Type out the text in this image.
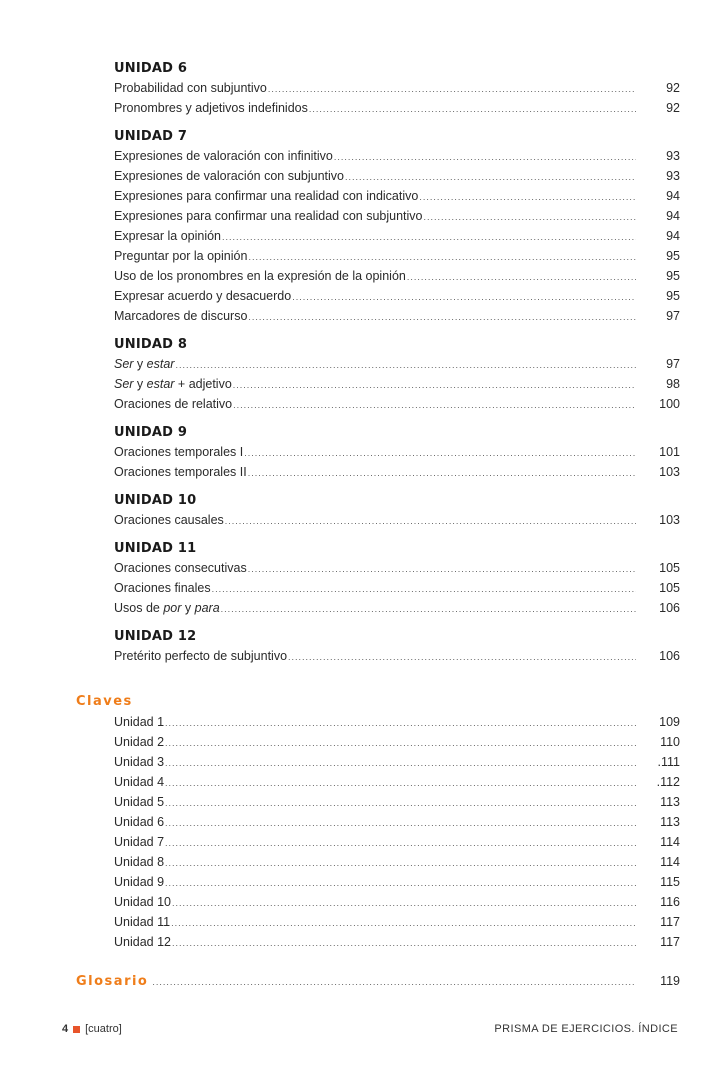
UNIDAD 6
Probabilidad con subjuntivo .....	92
Pronombres y adjetivos indefinidos .....	92
UNIDAD 7
Expresiones de valoración con infinitivo .....	93
Expresiones de valoración con subjuntivo .....	93
Expresiones para confirmar una realidad con indicativo .....	94
Expresiones para confirmar una realidad con subjuntivo .....	94
Expresar la opinión .....	94
Preguntar por la opinión .....	95
Uso de los pronombres en la expresión de la opinión .....	95
Expresar acuerdo y desacuerdo .....	95
Marcadores de discurso .....	97
UNIDAD 8
Ser y estar .....	97
Ser y estar + adjetivo .....	98
Oraciones de relativo .....	100
UNIDAD 9
Oraciones temporales I .....	101
Oraciones temporales II .....	103
UNIDAD 10
Oraciones causales .....	103
UNIDAD 11
Oraciones consecutivas .....	105
Oraciones finales .....	105
Usos de por y para .....	106
UNIDAD 12
Pretérito perfecto de subjuntivo .....	106
Claves
Unidad 1 .....	109
Unidad 2 .....	110
Unidad 3 .....	.111
Unidad 4 .....	.112
Unidad 5 .....	113
Unidad 6 .....	113
Unidad 7 .....	114
Unidad 8 .....	114
Unidad 9 .....	115
Unidad 10 .....	116
Unidad 11 .....	117
Unidad 12 .....	117
Glosario .....	119
4 [cuatro]	PRISMA DE EJERCICIOS. ÍNDICE
